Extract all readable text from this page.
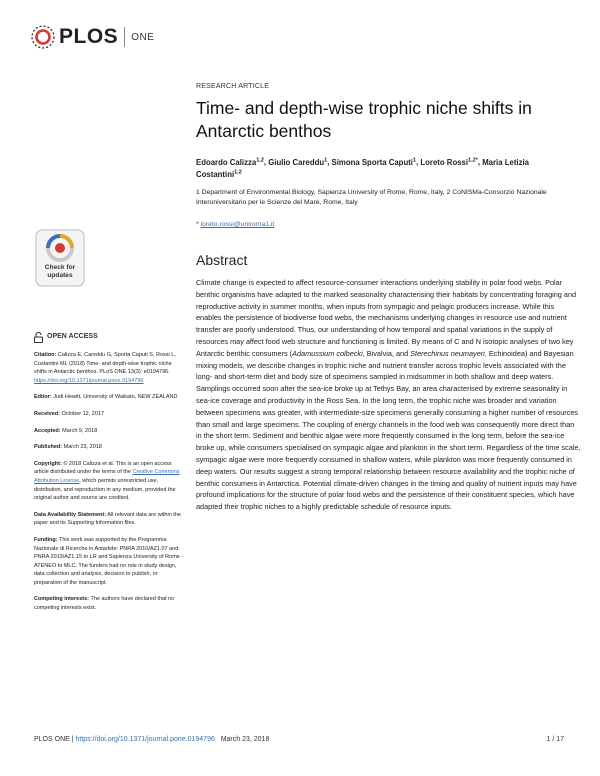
PLOS ONE
RESEARCH ARTICLE
Time- and depth-wise trophic niche shifts in Antarctic benthos
Edoardo Calizza$^{1,2}$, Giulio Careddu$^1$, Simona Sporta Caputi$^1$, Loreto Rossi$^{1,2*}$, Maria Letizia Costantini$^{1,2}$
1 Department of Environmental Biology, Sapienza University of Rome, Rome, Italy, 2 CoNISMa-Consorzio Nazionale Interuniversitario per le Scienze del Mare, Rome, Italy
* loreto.rossi@uniroma1.it
Check for updates
Abstract
Climate change is expected to affect resource-consumer interactions underlying stability in polar food webs. Polar benthic organisms have adapted to the marked seasonality characterising their habitats by concentrating foraging and reproductive activity in summer months, when inputs from sympagic and pelagic producers increase. While this enables the persistence of biodiverse food webs, the mechanisms underlying changes in resource use and nutrient transfer are poorly understood. Thus, our understanding of how temporal and spatial variations in the supply of resources may affect food web structure and functioning is limited. By means of C and N isotopic analyses of two key Antarctic benthic consumers (Adamussium colbecki, Bivalvia, and Sterechinus neumayeri, Echinoidea) and Bayesian mixing models, we describe changes in trophic niche and nutrient transfer across trophic levels associated with the long- and short-term diet and body size of specimens sampled in midsummer in both shallow and deep waters. Samplings occurred soon after the sea-ice broke up at Tethys Bay, an area characterised by extreme seasonality in sea-ice coverage and productivity in the Ross Sea. In the long term, the trophic niche was broader and variation between specimens was greater, with intermediate-size specimens generally consuming a higher number of resources than small and large specimens. The coupling of energy channels in the food web was consequently more direct than in the short term. Sediment and benthic algae were more frequently consumed in the long term, before the sea-ice broke up, while consumers specialised on sympagic algae and plankton in the short term. Regardless of the time scale, sympagic algae were more frequently consumed in shallow waters, while plankton was more frequently consumed in deep waters. Our results suggest a strong temporal relationship between resource availability and the trophic niche of benthic consumers in Antarctica. Potential climate-driven changes in the timing and quality of nutrient inputs may have profound implications for the structure of polar food webs and the persistence of their constituent species, which have adapted their trophic niches to a highly predictable schedule of resource inputs.
OPEN ACCESS
Citation: Calizza E, Careddu G, Sporta Caputi S, Rossi L, Costantini ML (2018) Time- and depth-wise trophic niche shifts in Antarctic benthos. PLoS ONE 13(3): e0194796. https://doi.org/10.1371/journal.pone.0194796
Editor: Judi Hewitt, University of Waikato, NEW ZEALAND
Received: October 12, 2017
Accepted: March 9, 2018
Published: March 23, 2018
Copyright: © 2018 Calizza et al. This is an open access article distributed under the terms of the Creative Commons Attribution License, which permits unrestricted use, distribution, and reproduction in any medium, provided the original author and source are credited.
Data Availability Statement: All relevant data are within the paper and its Supporting Information files.
Funding: This work was supported by the Programma Nazionale di Ricerche in Antartide: PNRA 2010/AZ1.07 and PNRA 2013/AZ1.15 to LR and Sapienza University of Rome - ATENEO to MLC. The funders had no role in study design, data collection and analysis, decision to publish, or preparation of the manuscript.
Competing interests: The authors have declared that no competing interests exist.
PLOS ONE | https://doi.org/10.1371/journal.pone.0194796 March 23, 2018	1 / 17
